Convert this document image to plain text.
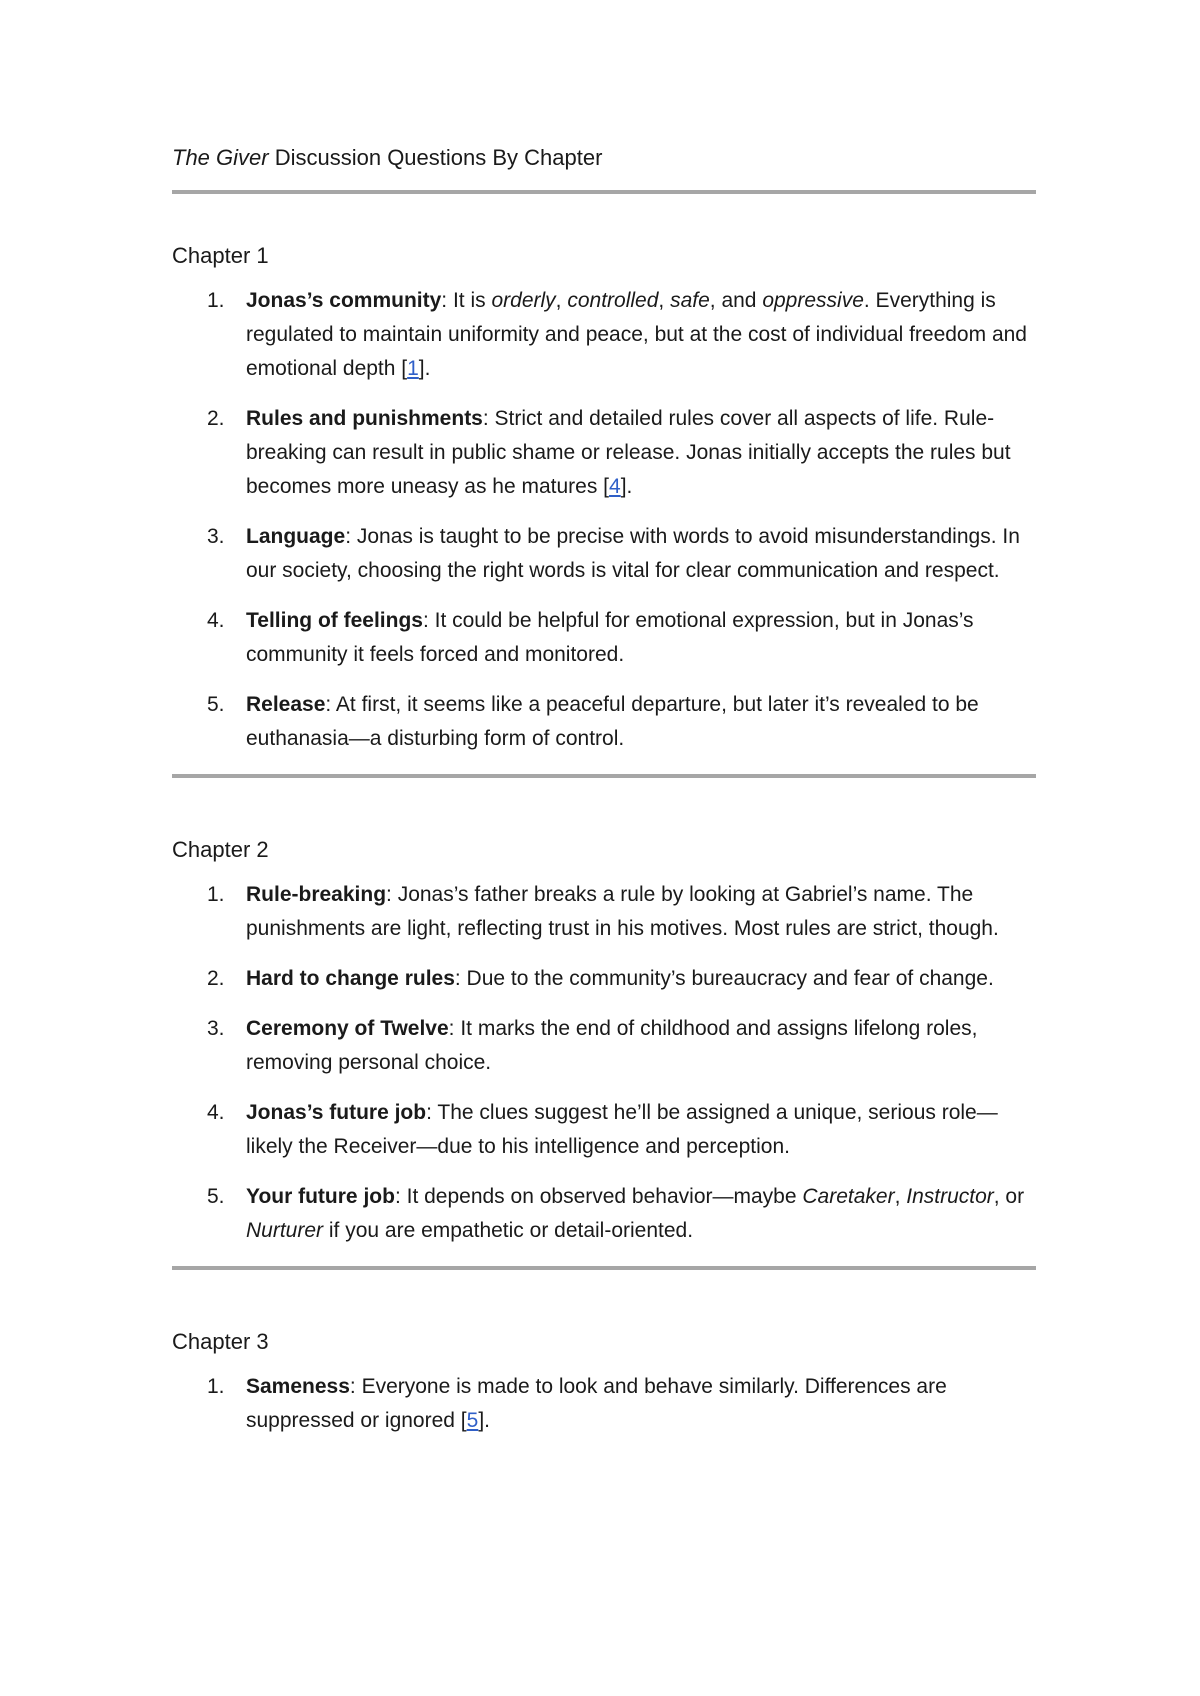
The Giver Discussion Questions By Chapter
Chapter 1
1. Jonas’s community: It is orderly, controlled, safe, and oppressive. Everything is regulated to maintain uniformity and peace, but at the cost of individual freedom and emotional depth [1].
2. Rules and punishments: Strict and detailed rules cover all aspects of life. Rule-breaking can result in public shame or release. Jonas initially accepts the rules but becomes more uneasy as he matures [4].
3. Language: Jonas is taught to be precise with words to avoid misunderstandings. In our society, choosing the right words is vital for clear communication and respect.
4. Telling of feelings: It could be helpful for emotional expression, but in Jonas’s community it feels forced and monitored.
5. Release: At first, it seems like a peaceful departure, but later it’s revealed to be euthanasia—a disturbing form of control.
Chapter 2
1. Rule-breaking: Jonas’s father breaks a rule by looking at Gabriel’s name. The punishments are light, reflecting trust in his motives. Most rules are strict, though.
2. Hard to change rules: Due to the community’s bureaucracy and fear of change.
3. Ceremony of Twelve: It marks the end of childhood and assigns lifelong roles, removing personal choice.
4. Jonas’s future job: The clues suggest he’ll be assigned a unique, serious role—likely the Receiver—due to his intelligence and perception.
5. Your future job: It depends on observed behavior—maybe Caretaker, Instructor, or Nurturer if you are empathetic or detail-oriented.
Chapter 3
1. Sameness: Everyone is made to look and behave similarly. Differences are suppressed or ignored [5].
